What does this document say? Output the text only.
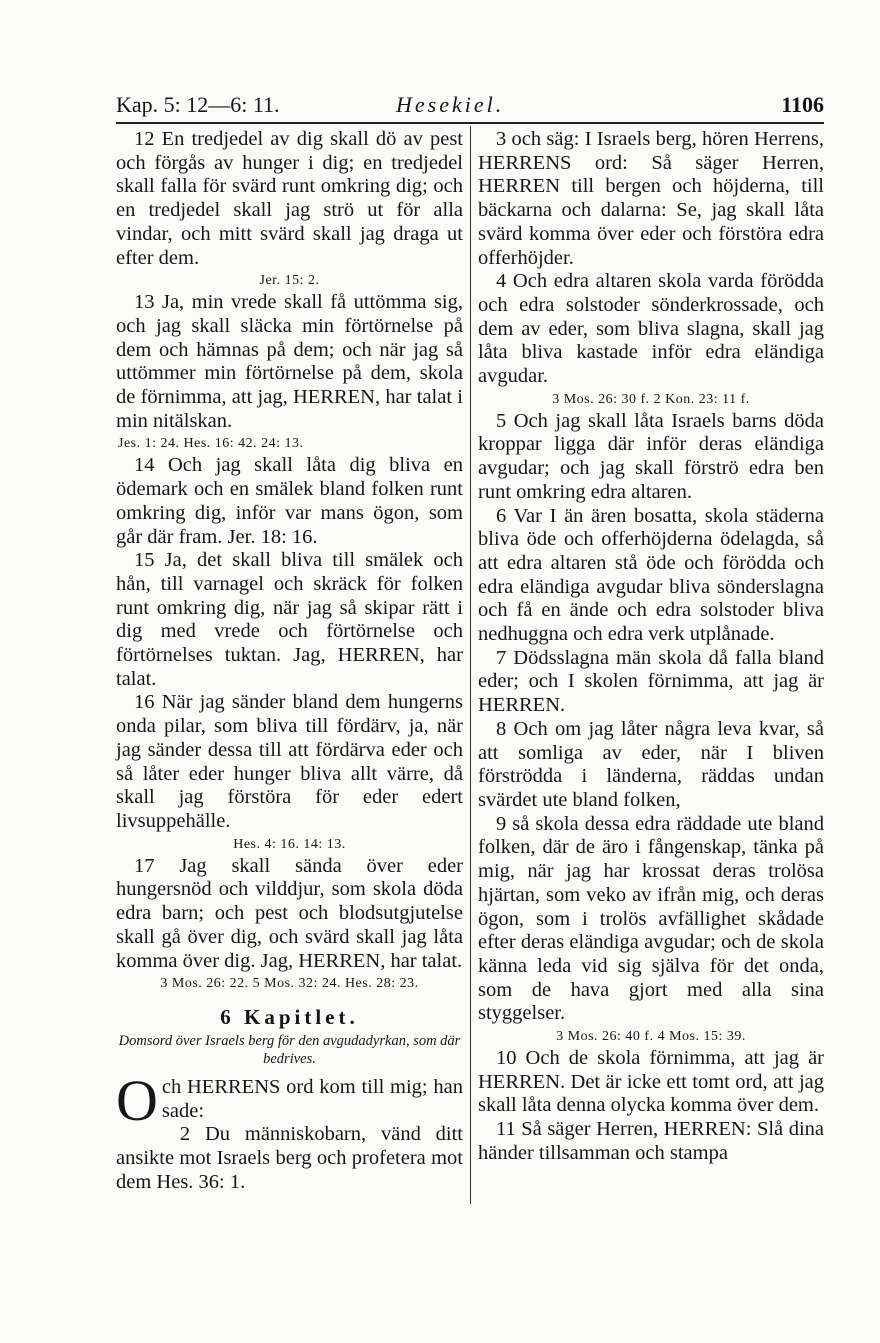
Kap. 5: 12—6: 11.	Hesekiel.	1106

12 En tredjedel av dig skall dö av pest och förgås av hunger i dig; en tredjedel skall falla för svärd runt omkring dig; och en tredjedel skall jag strö ut för alla vindar, och mitt svärd skall jag draga ut efter dem.

Jer. 15: 2.

13 Ja, min vrede skall få uttömma sig, och jag skall släcka min förtörnelse på dem och hämnas på dem; och när jag så uttömmer min förtörnelse på dem, skola de förnimma, att jag, HERREN, har talat i min nitälskan.

Jes. 1: 24. Hes. 16: 42. 24: 13.

14 Och jag skall låta dig bliva en ödemark och en smälek bland folken runt omkring dig, inför var mans ögon, som går där fram. Jer. 18: 16.

15 Ja, det skall bliva till smälek och hån, till varnagel och skräck för folken runt omkring dig, när jag så skipar rätt i dig med vrede och förtörnelse och förtörnelses tuktan. Jag, HERREN, har talat.

16 När jag sänder bland dem hungerns onda pilar, som bliva till fördärv, ja, när jag sänder dessa till att fördärva eder och så låter eder hunger bliva allt värre, då skall jag förstöra för eder edert livsuppehälle.

Hes. 4: 16. 14: 13.

17 Jag skall sända över eder hungersnöd och vilddjur, som skola döda edra barn; och pest och blodsutgjutelse skall gå över dig, och svärd skall jag låta komma över dig. Jag, HERREN, har talat.

3 Mos. 26: 22. 5 Mos. 32: 24. Hes. 28: 23.

6 Kapitlet.

Domsord över Israels berg för den avgudadyrkan, som där bedrives.

Och HERRENS ord kom till mig; han sade:

2 Du människobarn, vänd ditt ansikte mot Israels berg och profetera mot dem Hes. 36: 1.

3 och säg: I Israels berg, hören Herrens, HERRENS ord: Så säger Herren, HERREN till bergen och höjderna, till bäckarna och dalarna: Se, jag skall låta svärd komma över eder och förstöra edra offerhöjder.

4 Och edra altaren skola varda förödda och edra solstoder sönderkrossade, och dem av eder, som bliva slagna, skall jag låta bliva kastade inför edra eländiga avgudar.

3 Mos. 26: 30 f. 2 Kon. 23: 11 f.

5 Och jag skall låta Israels barns döda kroppar ligga där inför deras eländiga avgudar; och jag skall förströ edra ben runt omkring edra altaren.

6 Var I än ären bosatta, skola städerna bliva öde och offerhöjderna ödelagda, så att edra altaren stå öde och förödda och edra eländiga avgudar bliva sönderslagna och få en ände och edra solstoder bliva nedhuggna och edra verk utplånade.

7 Dödsslagna män skola då falla bland eder; och I skolen förnimma, att jag är HERREN.

8 Och om jag låter några leva kvar, så att somliga av eder, när I bliven förströdda i länderna, räddas undan svärdet ute bland folken,

9 så skola dessa edra räddade ute bland folken, där de äro i fångenskap, tänka på mig, när jag har krossat deras trolösa hjärtan, som veko av ifrån mig, och deras ögon, som i trolös avfällighet skådade efter deras eländiga avgudar; och de skola känna leda vid sig själva för det onda, som de hava gjort med alla sina styggelser.

3 Mos. 26: 40 f. 4 Mos. 15: 39.

10 Och de skola förnimma, att jag är HERREN. Det är icke ett tomt ord, att jag skall låta denna olycka komma över dem.

11 Så säger Herren, HERREN: Slå dina händer tillsamman och stampa
